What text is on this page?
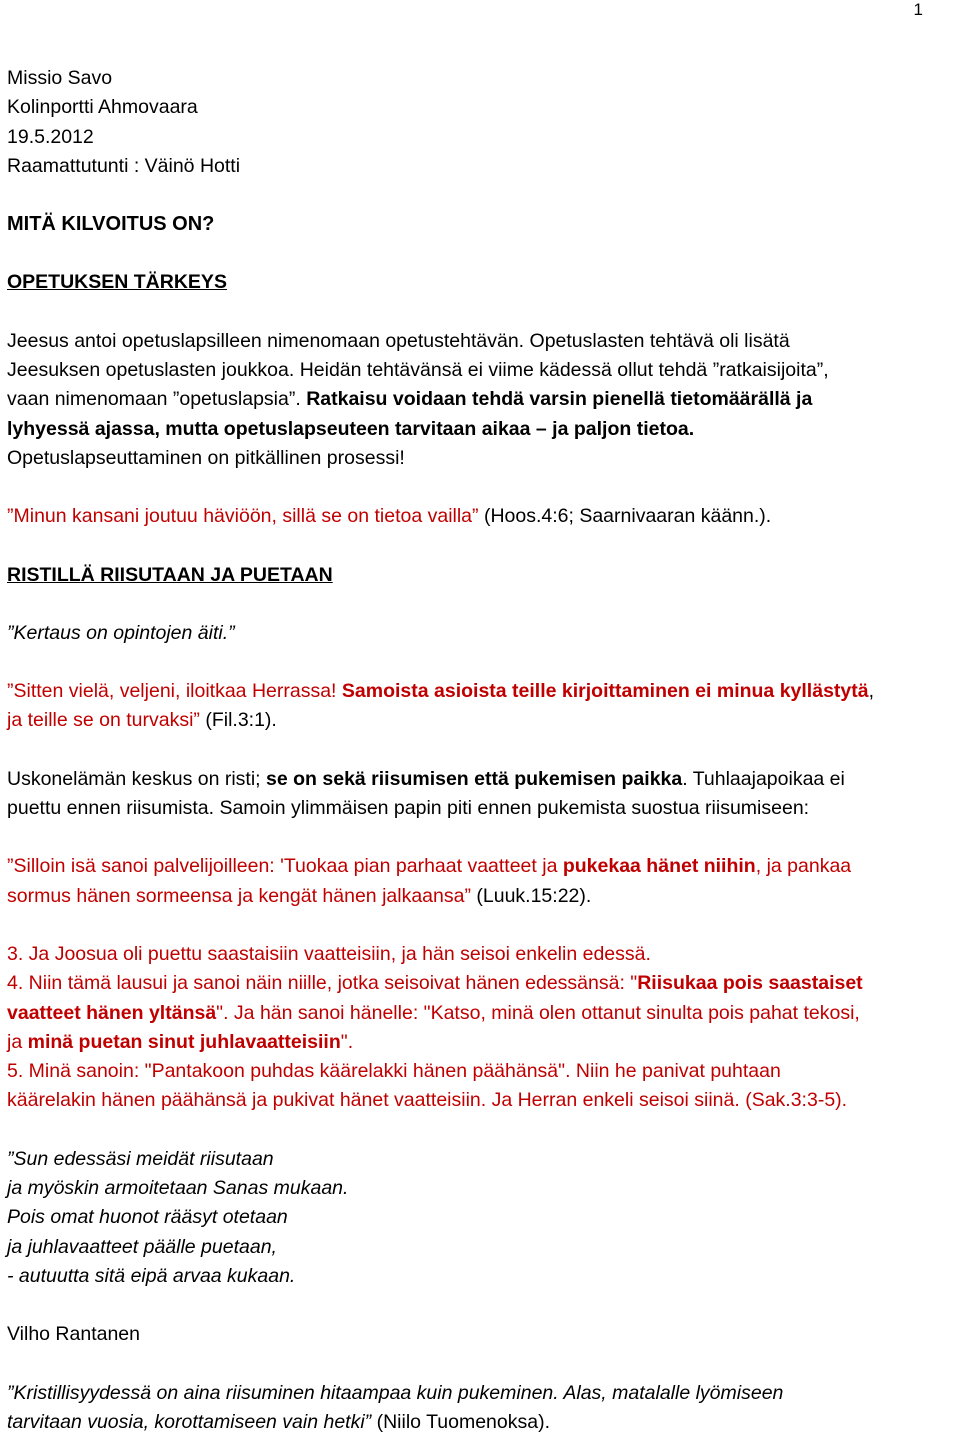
1

Missio Savo

Kolinportti Ahmovaara

19.5.2012

Raamattutunti : Väinö Hotti

MITÄ KILVOITUS ON?

OPETUKSEN TÄRKEYS

Jeesus antoi opetuslapsilleen nimenomaan opetustehtävän. Opetuslasten tehtävä oli lisätä

Jeesuksen opetuslasten joukkoa. Heidän tehtävänsä ei viime kädessä ollut tehdä ”ratkaisijoita”,

vaan nimenomaan ”opetuslapsia”. Ratkaisu voidaan tehdä varsin pienellä tietomäärällä ja

lyhyessä ajassa, mutta opetuslapseuteen tarvitaan aikaa – ja paljon tietoa.

Opetuslapseuttaminen on pitkällinen prosessi!

”Minun kansani joutuu häviöön, sillä se on tietoa vailla” (Hoos.4:6; Saarnivaaran käänn.).

RISTILLÄ RIISUTAAN JA PUETAAN

”Kertaus on opintojen äiti.”

”Sitten vielä, veljeni, iloitkaa Herrassa! Samoista asioista teille kirjoittaminen ei minua kyllästytä,

ja teille se on turvaksi” (Fil.3:1).

Uskonelämän keskus on risti; se on sekä riisumisen että pukemisen paikka. Tuhlaajapoikaa ei

puettu ennen riisumista. Samoin ylimmäisen papin piti ennen pukemista suostua riisumiseen:

”Silloin isä sanoi palvelijoilleen: 'Tuokaa pian parhaat vaatteet ja pukekaa hänet niihin, ja pankaa

sormus hänen sormeensa ja kengät hänen jalkaansa” (Luuk.15:22).

3. Ja Joosua oli puettu saastaisiin vaatteisiin, ja hän seisoi enkelin edessä.

4. Niin tämä lausui ja sanoi näin niille, jotka seisoivat hänen edessänsä: "Riisukaa pois saastaiset

vaatteet hänen yltänsä". Ja hän sanoi hänelle: "Katso, minä olen ottanut sinulta pois pahat tekosi,

ja minä puetan sinut juhlavaatteisiin".

5. Minä sanoin: "Pantakoon puhdas käärelakki hänen päähänsä". Niin he panivat puhtaan

käärelakin hänen päähänsä ja pukivat hänet vaatteisiin. Ja Herran enkeli seisoi siinä. (Sak.3:3-5).

”Sun edessäsi meidät riisutaan

ja myöskin armoitetaan Sanas mukaan.

Pois omat huonot rääsyt otetaan

ja juhlavaatteet päälle puetaan,

- autuutta sitä eipä arvaa kukaan.

Vilho Rantanen

”Kristillisyydessä on aina riisuminen hitaampaa kuin pukeminen. Alas, matalalle lyömiseen

tarvitaan vuosia, korottamiseen vain hetki” (Niilo Tuomenoksa).
